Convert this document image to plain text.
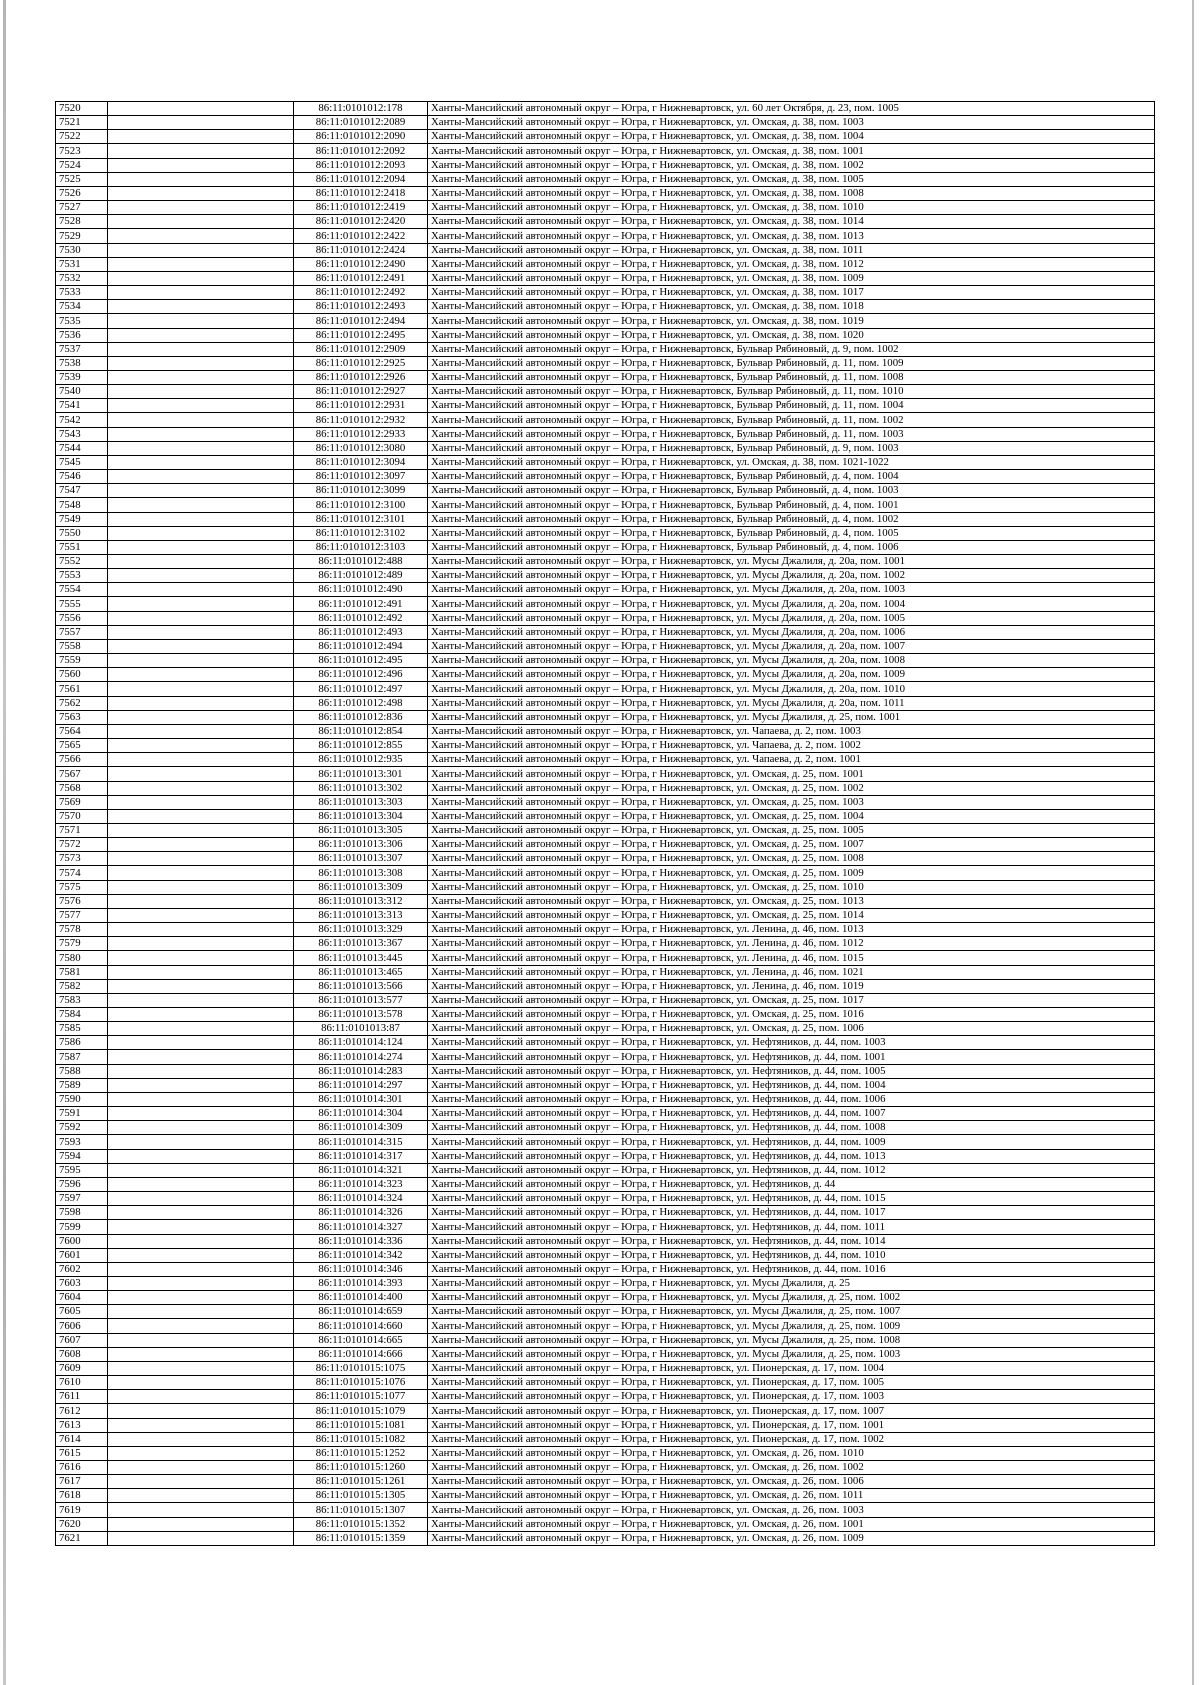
7520		86:11:0101012:178	Ханты-Мансийский автономный округ – Югра, г Нижневартовск, ул. 60 лет Октября, д. 23, пом. 1005
7521		86:11:0101012:2089	Ханты-Мансийский автономный округ – Югра, г Нижневартовск, ул. Омская, д. 38, пом. 1003
7522		86:11:0101012:2090	Ханты-Мансийский автономный округ – Югра, г Нижневартовск, ул. Омская, д. 38, пом. 1004
7523		86:11:0101012:2092	Ханты-Мансийский автономный округ – Югра, г Нижневартовск, ул. Омская, д. 38, пом. 1001
7524		86:11:0101012:2093	Ханты-Мансийский автономный округ – Югра, г Нижневартовск, ул. Омская, д. 38, пом. 1002
7525		86:11:0101012:2094	Ханты-Мансийский автономный округ – Югра, г Нижневартовск, ул. Омская, д. 38, пом. 1005
7526		86:11:0101012:2418	Ханты-Мансийский автономный округ – Югра, г Нижневартовск, ул. Омская, д. 38, пом. 1008
7527		86:11:0101012:2419	Ханты-Мансийский автономный округ – Югра, г Нижневартовск, ул. Омская, д. 38, пом. 1010
7528		86:11:0101012:2420	Ханты-Мансийский автономный округ – Югра, г Нижневартовск, ул. Омская, д. 38, пом. 1014
7529		86:11:0101012:2422	Ханты-Мансийский автономный округ – Югра, г Нижневартовск, ул. Омская, д. 38, пом. 1013
7530		86:11:0101012:2424	Ханты-Мансийский автономный округ – Югра, г Нижневартовск, ул. Омская, д. 38, пом. 1011
7531		86:11:0101012:2490	Ханты-Мансийский автономный округ – Югра, г Нижневартовск, ул. Омская, д. 38, пом. 1012
7532		86:11:0101012:2491	Ханты-Мансийский автономный округ – Югра, г Нижневартовск, ул. Омская, д. 38, пом. 1009
7533		86:11:0101012:2492	Ханты-Мансийский автономный округ – Югра, г Нижневартовск, ул. Омская, д. 38, пом. 1017
7534		86:11:0101012:2493	Ханты-Мансийский автономный округ – Югра, г Нижневартовск, ул. Омская, д. 38, пом. 1018
7535		86:11:0101012:2494	Ханты-Мансийский автономный округ – Югра, г Нижневартовск, ул. Омская, д. 38, пом. 1019
7536		86:11:0101012:2495	Ханты-Мансийский автономный округ – Югра, г Нижневартовск, ул. Омская, д. 38, пом. 1020
7537		86:11:0101012:2909	Ханты-Мансийский автономный округ – Югра, г Нижневартовск, Бульвар Рябиновый, д. 9, пом. 1002
7538		86:11:0101012:2925	Ханты-Мансийский автономный округ – Югра, г Нижневартовск, Бульвар Рябиновый, д. 11, пом. 1009
7539		86:11:0101012:2926	Ханты-Мансийский автономный округ – Югра, г Нижневартовск, Бульвар Рябиновый, д. 11, пом. 1008
7540		86:11:0101012:2927	Ханты-Мансийский автономный округ – Югра, г Нижневартовск, Бульвар Рябиновый, д. 11, пом. 1010
7541		86:11:0101012:2931	Ханты-Мансийский автономный округ – Югра, г Нижневартовск, Бульвар Рябиновый, д. 11, пом. 1004
7542		86:11:0101012:2932	Ханты-Мансийский автономный округ – Югра, г Нижневартовск, Бульвар Рябиновый, д. 11, пом. 1002
7543		86:11:0101012:2933	Ханты-Мансийский автономный округ – Югра, г Нижневартовск, Бульвар Рябиновый, д. 11, пом. 1003
7544		86:11:0101012:3080	Ханты-Мансийский автономный округ – Югра, г Нижневартовск, Бульвар Рябиновый, д. 9, пом. 1003
7545		86:11:0101012:3094	Ханты-Мансийский автономный округ – Югра, г Нижневартовск, ул. Омская, д. 38, пом. 1021-1022
7546		86:11:0101012:3097	Ханты-Мансийский автономный округ – Югра, г Нижневартовск, Бульвар Рябиновый, д. 4, пом. 1004
7547		86:11:0101012:3099	Ханты-Мансийский автономный округ – Югра, г Нижневартовск, Бульвар Рябиновый, д. 4, пом. 1003
7548		86:11:0101012:3100	Ханты-Мансийский автономный округ – Югра, г Нижневартовск, Бульвар Рябиновый, д. 4, пом. 1001
7549		86:11:0101012:3101	Ханты-Мансийский автономный округ – Югра, г Нижневартовск, Бульвар Рябиновый, д. 4, пом. 1002
7550		86:11:0101012:3102	Ханты-Мансийский автономный округ – Югра, г Нижневартовск, Бульвар Рябиновый, д. 4, пом. 1005
7551		86:11:0101012:3103	Ханты-Мансийский автономный округ – Югра, г Нижневартовск, Бульвар Рябиновый, д. 4, пом. 1006
7552		86:11:0101012:488	Ханты-Мансийский автономный округ – Югра, г Нижневартовск, ул. Мусы Джалиля, д. 20а, пом. 1001
7553		86:11:0101012:489	Ханты-Мансийский автономный округ – Югра, г Нижневартовск, ул. Мусы Джалиля, д. 20а, пом. 1002
7554		86:11:0101012:490	Ханты-Мансийский автономный округ – Югра, г Нижневартовск, ул. Мусы Джалиля, д. 20а, пом. 1003
7555		86:11:0101012:491	Ханты-Мансийский автономный округ – Югра, г Нижневартовск, ул. Мусы Джалиля, д. 20а, пом. 1004
7556		86:11:0101012:492	Ханты-Мансийский автономный округ – Югра, г Нижневартовск, ул. Мусы Джалиля, д. 20а, пом. 1005
7557		86:11:0101012:493	Ханты-Мансийский автономный округ – Югра, г Нижневартовск, ул. Мусы Джалиля, д. 20а, пом. 1006
7558		86:11:0101012:494	Ханты-Мансийский автономный округ – Югра, г Нижневартовск, ул. Мусы Джалиля, д. 20а, пом. 1007
7559		86:11:0101012:495	Ханты-Мансийский автономный округ – Югра, г Нижневартовск, ул. Мусы Джалиля, д. 20а, пом. 1008
7560		86:11:0101012:496	Ханты-Мансийский автономный округ – Югра, г Нижневартовск, ул. Мусы Джалиля, д. 20а, пом. 1009
7561		86:11:0101012:497	Ханты-Мансийский автономный округ – Югра, г Нижневартовск, ул. Мусы Джалиля, д. 20а, пом. 1010
7562		86:11:0101012:498	Ханты-Мансийский автономный округ – Югра, г Нижневартовск, ул. Мусы Джалиля, д. 20а, пом. 1011
7563		86:11:0101012:836	Ханты-Мансийский автономный округ – Югра, г Нижневартовск, ул. Мусы Джалиля, д. 25, пом. 1001
7564		86:11:0101012:854	Ханты-Мансийский автономный округ – Югра, г Нижневартовск, ул. Чапаева, д. 2, пом. 1003
7565		86:11:0101012:855	Ханты-Мансийский автономный округ – Югра, г Нижневартовск, ул. Чапаева, д. 2, пом. 1002
7566		86:11:0101012:935	Ханты-Мансийский автономный округ – Югра, г Нижневартовск, ул. Чапаева, д. 2, пом. 1001
7567		86:11:0101013:301	Ханты-Мансийский автономный округ – Югра, г Нижневартовск, ул. Омская, д. 25, пом. 1001
7568		86:11:0101013:302	Ханты-Мансийский автономный округ – Югра, г Нижневартовск, ул. Омская, д. 25, пом. 1002
7569		86:11:0101013:303	Ханты-Мансийский автономный округ – Югра, г Нижневартовск, ул. Омская, д. 25, пом. 1003
7570		86:11:0101013:304	Ханты-Мансийский автономный округ – Югра, г Нижневартовск, ул. Омская, д. 25, пом. 1004
7571		86:11:0101013:305	Ханты-Мансийский автономный округ – Югра, г Нижневартовск, ул. Омская, д. 25, пом. 1005
7572		86:11:0101013:306	Ханты-Мансийский автономный округ – Югра, г Нижневартовск, ул. Омская, д. 25, пом. 1007
7573		86:11:0101013:307	Ханты-Мансийский автономный округ – Югра, г Нижневартовск, ул. Омская, д. 25, пом. 1008
7574		86:11:0101013:308	Ханты-Мансийский автономный округ – Югра, г Нижневартовск, ул. Омская, д. 25, пом. 1009
7575		86:11:0101013:309	Ханты-Мансийский автономный округ – Югра, г Нижневартовск, ул. Омская, д. 25, пом. 1010
7576		86:11:0101013:312	Ханты-Мансийский автономный округ – Югра, г Нижневартовск, ул. Омская, д. 25, пом. 1013
7577		86:11:0101013:313	Ханты-Мансийский автономный округ – Югра, г Нижневартовск, ул. Омская, д. 25, пом. 1014
7578		86:11:0101013:329	Ханты-Мансийский автономный округ – Югра, г Нижневартовск, ул. Ленина, д. 46, пом. 1013
7579		86:11:0101013:367	Ханты-Мансийский автономный округ – Югра, г Нижневартовск, ул. Ленина, д. 46, пом. 1012
7580		86:11:0101013:445	Ханты-Мансийский автономный округ – Югра, г Нижневартовск, ул. Ленина, д. 46, пом. 1015
7581		86:11:0101013:465	Ханты-Мансийский автономный округ – Югра, г Нижневартовск, ул. Ленина, д. 46, пом. 1021
7582		86:11:0101013:566	Ханты-Мансийский автономный округ – Югра, г Нижневартовск, ул. Ленина, д. 46, пом. 1019
7583		86:11:0101013:577	Ханты-Мансийский автономный округ – Югра, г Нижневартовск, ул. Омская, д. 25, пом. 1017
7584		86:11:0101013:578	Ханты-Мансийский автономный округ – Югра, г Нижневартовск, ул. Омская, д. 25, пом. 1016
7585		86:11:0101013:87	Ханты-Мансийский автономный округ – Югра, г Нижневартовск, ул. Омская, д. 25, пом. 1006
7586		86:11:0101014:124	Ханты-Мансийский автономный округ – Югра, г Нижневартовск, ул. Нефтяников, д. 44, пом. 1003
7587		86:11:0101014:274	Ханты-Мансийский автономный округ – Югра, г Нижневартовск, ул. Нефтяников, д. 44, пом. 1001
7588		86:11:0101014:283	Ханты-Мансийский автономный округ – Югра, г Нижневартовск, ул. Нефтяников, д. 44, пом. 1005
7589		86:11:0101014:297	Ханты-Мансийский автономный округ – Югра, г Нижневартовск, ул. Нефтяников, д. 44, пом. 1004
7590		86:11:0101014:301	Ханты-Мансийский автономный округ – Югра, г Нижневартовск, ул. Нефтяников, д. 44, пом. 1006
7591		86:11:0101014:304	Ханты-Мансийский автономный округ – Югра, г Нижневартовск, ул. Нефтяников, д. 44, пом. 1007
7592		86:11:0101014:309	Ханты-Мансийский автономный округ – Югра, г Нижневартовск, ул. Нефтяников, д. 44, пом. 1008
7593		86:11:0101014:315	Ханты-Мансийский автономный округ – Югра, г Нижневартовск, ул. Нефтяников, д. 44, пом. 1009
7594		86:11:0101014:317	Ханты-Мансийский автономный округ – Югра, г Нижневартовск, ул. Нефтяников, д. 44, пом. 1013
7595		86:11:0101014:321	Ханты-Мансийский автономный округ – Югра, г Нижневартовск, ул. Нефтяников, д. 44, пом. 1012
7596		86:11:0101014:323	Ханты-Мансийский автономный округ – Югра, г Нижневартовск, ул. Нефтяников, д. 44
7597		86:11:0101014:324	Ханты-Мансийский автономный округ – Югра, г Нижневартовск, ул. Нефтяников, д. 44, пом. 1015
7598		86:11:0101014:326	Ханты-Мансийский автономный округ – Югра, г Нижневартовск, ул. Нефтяников, д. 44, пом. 1017
7599		86:11:0101014:327	Ханты-Мансийский автономный округ – Югра, г Нижневартовск, ул. Нефтяников, д. 44, пом. 1011
7600		86:11:0101014:336	Ханты-Мансийский автономный округ – Югра, г Нижневартовск, ул. Нефтяников, д. 44, пом. 1014
7601		86:11:0101014:342	Ханты-Мансийский автономный округ – Югра, г Нижневартовск, ул. Нефтяников, д. 44, пом. 1010
7602		86:11:0101014:346	Ханты-Мансийский автономный округ – Югра, г Нижневартовск, ул. Нефтяников, д. 44, пом. 1016
7603		86:11:0101014:393	Ханты-Мансийский автономный округ – Югра, г Нижневартовск, ул. Мусы Джалиля, д. 25
7604		86:11:0101014:400	Ханты-Мансийский автономный округ – Югра, г Нижневартовск, ул. Мусы Джалиля, д. 25, пом. 1002
7605		86:11:0101014:659	Ханты-Мансийский автономный округ – Югра, г Нижневартовск, ул. Мусы Джалиля, д. 25, пом. 1007
7606		86:11:0101014:660	Ханты-Мансийский автономный округ – Югра, г Нижневартовск, ул. Мусы Джалиля, д. 25, пом. 1009
7607		86:11:0101014:665	Ханты-Мансийский автономный округ – Югра, г Нижневартовск, ул. Мусы Джалиля, д. 25, пом. 1008
7608		86:11:0101014:666	Ханты-Мансийский автономный округ – Югра, г Нижневартовск, ул. Мусы Джалиля, д. 25, пом. 1003
7609		86:11:0101015:1075	Ханты-Мансийский автономный округ – Югра, г Нижневартовск, ул. Пионерская, д. 17, пом. 1004
7610		86:11:0101015:1076	Ханты-Мансийский автономный округ – Югра, г Нижневартовск, ул. Пионерская, д. 17, пом. 1005
7611		86:11:0101015:1077	Ханты-Мансийский автономный округ – Югра, г Нижневартовск, ул. Пионерская, д. 17, пом. 1003
7612		86:11:0101015:1079	Ханты-Мансийский автономный округ – Югра, г Нижневартовск, ул. Пионерская, д. 17, пом. 1007
7613		86:11:0101015:1081	Ханты-Мансийский автономный округ – Югра, г Нижневартовск, ул. Пионерская, д. 17, пом. 1001
7614		86:11:0101015:1082	Ханты-Мансийский автономный округ – Югра, г Нижневартовск, ул. Пионерская, д. 17, пом. 1002
7615		86:11:0101015:1252	Ханты-Мансийский автономный округ – Югра, г Нижневартовск, ул. Омская, д. 26, пом. 1010
7616		86:11:0101015:1260	Ханты-Мансийский автономный округ – Югра, г Нижневартовск, ул. Омская, д. 26, пом. 1002
7617		86:11:0101015:1261	Ханты-Мансийский автономный округ – Югра, г Нижневартовск, ул. Омская, д. 26, пом. 1006
7618		86:11:0101015:1305	Ханты-Мансийский автономный округ – Югра, г Нижневартовск, ул. Омская, д. 26, пом. 1011
7619		86:11:0101015:1307	Ханты-Мансийский автономный округ – Югра, г Нижневартовск, ул. Омская, д. 26, пом. 1003
7620		86:11:0101015:1352	Ханты-Мансийский автономный округ – Югра, г Нижневартовск, ул. Омская, д. 26, пом. 1001
7621		86:11:0101015:1359	Ханты-Мансийский автономный округ – Югра, г Нижневартовск, ул. Омская, д. 26, пом. 1009
